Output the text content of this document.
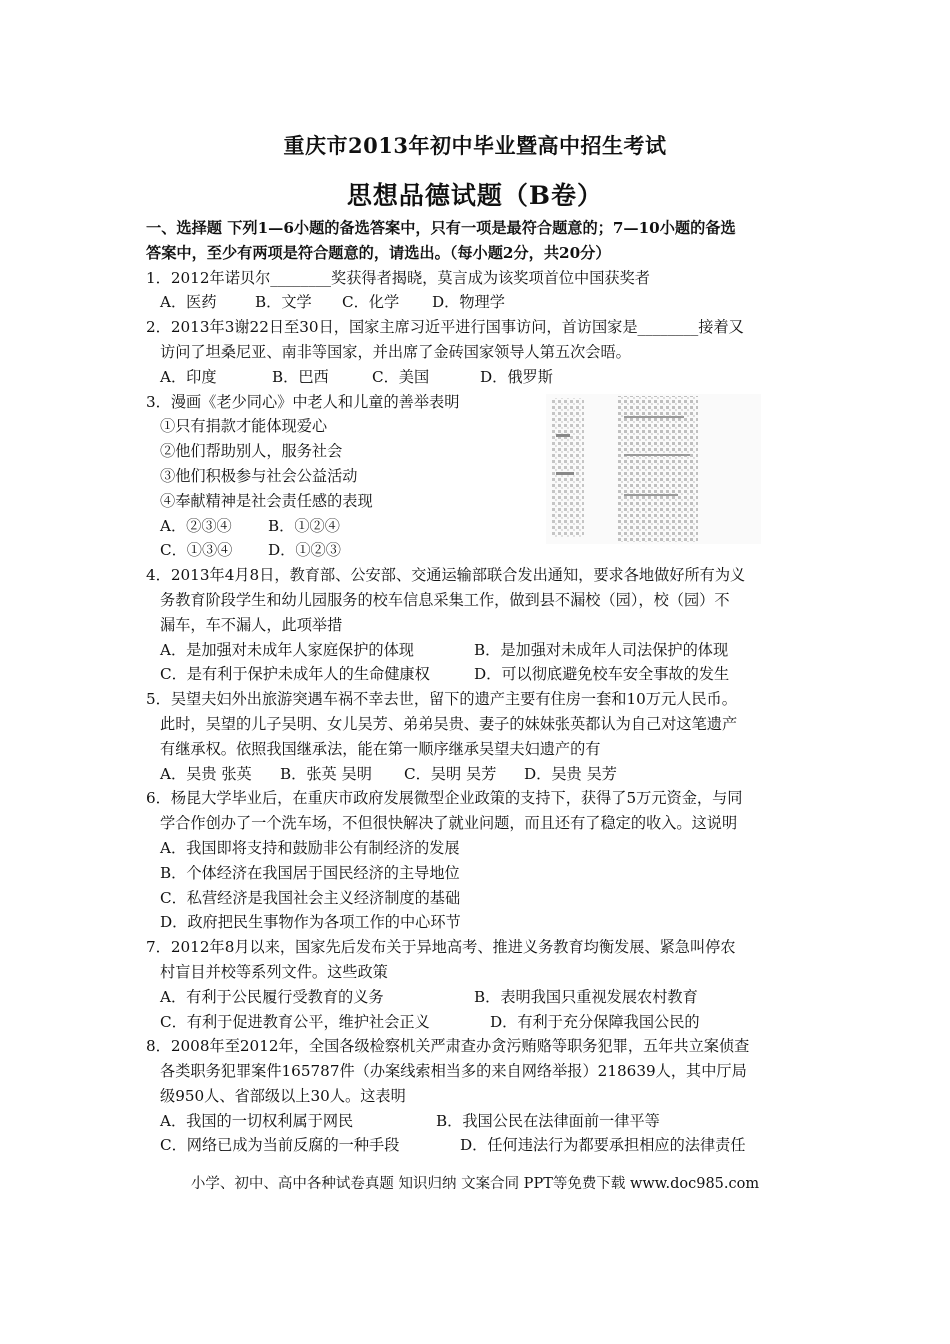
重庆市2013年初中毕业暨高中招生考试
思想品德试题（B卷）
一、选择题 下列1—6小题的备选答案中，只有一项是最符合题意的；7—10小题的备选
答案中，至少有两项是符合题意的，请选出。（每小题2分，共20分）
1．2012年诺贝尔________奖获得者揭晓，莫言成为该奖项首位中国获奖者
A．医药	B．文学	C．化学	D．物理学
2．2013年3谢22日至30日，国家主席习近平进行国事访问，首访国家是________接着又
访问了坦桑尼亚、南非等国家，并出席了金砖国家领导人第五次会晤。
A．印度	B．巴西	C．美国	D．俄罗斯
3．漫画《老少同心》中老人和儿童的善举表明
①只有捐款才能体现爱心
②他们帮助别人，服务社会
③他们积极参与社会公益活动
④奉献精神是社会责任感的表现
A．②③④	B．①②④
C．①③④	D．①②③
4．2013年4月8日，教育部、公安部、交通运输部联合发出通知，要求各地做好所有为义
务教育阶段学生和幼儿园服务的校车信息采集工作，做到县不漏校（园），校（园）不
漏车，车不漏人，此项举措
A．是加强对未成年人家庭保护的体现	B．是加强对未成年人司法保护的体现
C．是有利于保护未成年人的生命健康权	D．可以彻底避免校车安全事故的发生
5．吴望夫妇外出旅游突遇车祸不幸去世，留下的遗产主要有住房一套和10万元人民币。
此时，吴望的儿子吴明、女儿吴芳、弟弟吴贵、妻子的妹妹张英都认为自己对这笔遗产
有继承权。依照我国继承法，能在第一顺序继承吴望夫妇遗产的有
A．吴贵 张英	B．张英 吴明	C．吴明 吴芳	D．吴贵 吴芳
6．杨昆大学毕业后，在重庆市政府发展微型企业政策的支持下，获得了5万元资金，与同
学合作创办了一个洗车场，不但很快解决了就业问题，而且还有了稳定的收入。这说明
A．我国即将支持和鼓励非公有制经济的发展
B．个体经济在我国居于国民经济的主导地位
C．私营经济是我国社会主义经济制度的基础
D．政府把民生事物作为各项工作的中心环节
7．2012年8月以来，国家先后发布关于异地高考、推进义务教育均衡发展、紧急叫停农
村盲目并校等系列文件。这些政策
A．有利于公民履行受教育的义务	B．表明我国只重视发展农村教育
C．有利于促进教育公平，维护社会正义	D．有利于充分保障我国公民的
8．2008年至2012年，全国各级检察机关严肃查办贪污贿赂等职务犯罪，五年共立案侦查
各类职务犯罪案件165787件（办案线索相当多的来自网络举报）218639人，其中厅局
级950人、省部级以上30人。这表明
A．我国的一切权利属于网民	B．我国公民在法律面前一律平等
C．网络已成为当前反腐的一种手段	D．任何违法行为都要承担相应的法律责任
小学、初中、高中各种试卷真题 知识归纳 文案合同 PPT等免费下载 www.doc985.com
